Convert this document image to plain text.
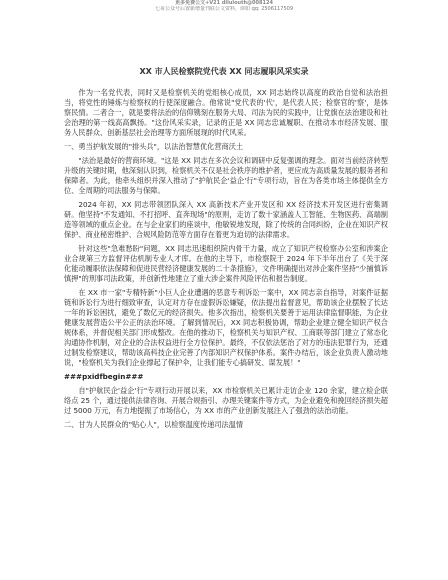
更多免费公文+V21 dilulouth@008124
七哥公众号后置新增量刊联公文资料，谭如 qq: 2506117509
XX 市人民检察院党代表 XX 同志履职风采实录

作为一名党代表，同时又是检察机关的党组核心成员，XX 同志始终以高度的政治自觉和法治担当，将党性的锤炼与检察权的行使深度融合。他常说"党代表的'代'，是代表人民；检察官的'察'，是体察民情。二者合一，就是要将法治的信仰镌刻在服务大局、司法为民的实践中，让党旗在法治建设和社会治理的第一线高高飘扬。"这份风采实录，记录的正是 XX 同志忠诚履职、在推动本市经济发展、服务人民群众、创新基层社会治理等方面所展现的时代风采。

一、勇当护航发展的"排头兵"，以法治智慧优化营商沃土

"法治是最好的营商环境。"这是 XX 同志在多次会议和调研中反复强调的理念。面对当前经济转型升级的关键时期，他深刻认识到，检察机关不仅是社会秩序的维护者，更应成为高质量发展的服务者和保障者。为此，他牵头组织并深入推动了"护航民企'益企'行"专项行动，旨在为各类市场主体提供全方位、全周期的司法服务与保障。

2024 年初，XX 同志带领团队深入 XX 高新技术产业开发区和 XX 经济技术开发区进行密集调研。他坚持"不发通知、不打招呼、直奔现场"的原则，走访了数十家涵盖人工智能、生物医药、高端制造等领域的重点企业。在与企业家们的座谈中，他敏锐地发现，除了传统的合同纠纷，企业在知识产权保护、商业秘密维护、合规风险防范等方面存在着更为迫切的法律需求。

针对这些"急难愁盼"问题，XX 同志迅速组织院内骨干力量，成立了知识产权检察办公室和涉案企业合规第三方监督评估机制专业人才库。在他的主导下，市检察院于 2024 年下半年出台了《关于深化能动履职依法保障和促进民营经济健康发展的二十条措施》，文件明确提出对涉企案件坚持"少捕慎诉慎押"的刑事司法政策，并创新性地建立了重大涉企案件风险评估和报告制度。

在 XX 市一家"专精特新"小巨人企业遭遇的恶意专利诉讼一案中，XX 同志亲自指导，对案件证据链和诉讼行为进行细致审查，认定对方存在虚假诉讼嫌疑，依法提出监督意见，帮助该企业摆脱了长达一年的诉讼困扰，避免了数亿元的经济损失。他多次指出，检察机关要善于运用法律监督职能，为企业健康发展营造公平公正的法治环境。了解到情况后，XX 同志积极协调，帮助企业建立健全知识产权合规体系，并督促相关部门形成整改。在他的推动下，检察机关与知识产权、工商联等部门建立了常态化沟通协作机制，对企业的合法权益进行全方位保护。最终，不仅依法惩治了对方的违法犯罪行为，还通过制发检察建议，帮助该高科技企业完善了内部知识产权保护体系。案件办结后，该企业负责人激动地说，"检察机关为我们企业撑起了保护伞，让我们能专心搞研发、谋发展！"

###pxidfbegin###

自"护航民企'益企'行"专项行动开展以来，XX 市检察机关已累计走访企业 120 余家，建立检企联络点 25 个，通过提供法律咨询、开展合规指引、办理关键案件等方式，为企业避免和挽回经济损失超过 5000 万元，有力地提振了市场信心，为 XX 市的产业创新发展注入了强劲的法治动能。

二、甘为人民群众的"贴心人"，以检察温度传递司法温情
